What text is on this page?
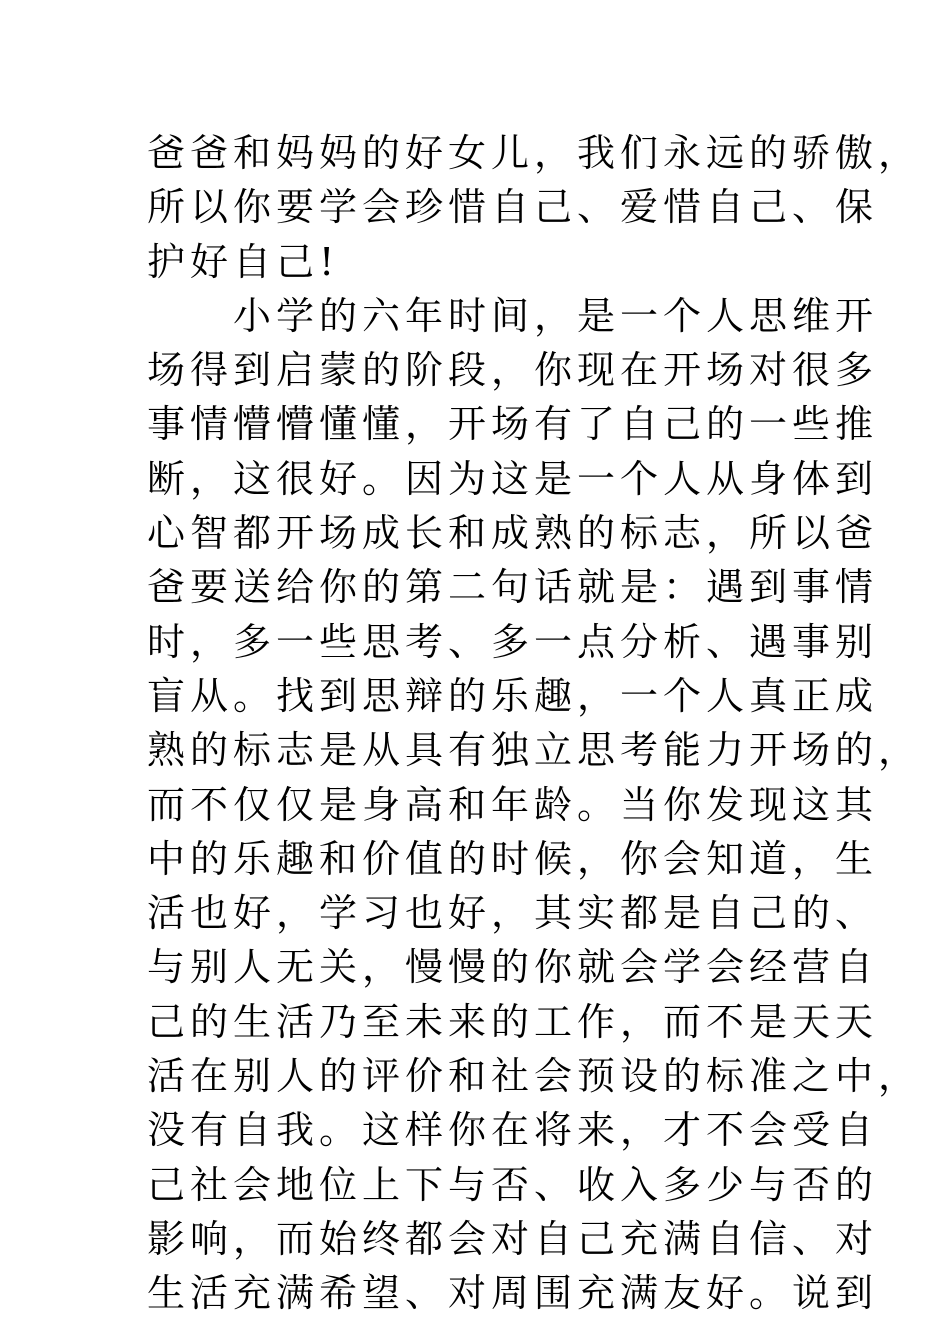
爸爸和妈妈的好女儿，我们永远的骄傲，
所以你要学会珍惜自己、爱惜自己、保
护好自己!
　　小学的六年时间，是一个人思维开
场得到启蒙的阶段，你现在开场对很多
事情懵懵懂懂，开场有了自己的一些推
断，这很好。因为这是一个人从身体到
心智都开场成长和成熟的标志，所以爸
爸要送给你的第二句话就是：遇到事情
时，多一些思考、多一点分析、遇事别
盲从。找到思辩的乐趣，一个人真正成
熟的标志是从具有独立思考能力开场的，
而不仅仅是身高和年龄。当你发现这其
中的乐趣和价值的时候，你会知道，生
活也好，学习也好，其实都是自己的、
与别人无关，慢慢的你就会学会经营自
己的生活乃至未来的工作，而不是天天
活在别人的评价和社会预设的标准之中，
没有自我。这样你在将来，才不会受自
己社会地位上下与否、收入多少与否的
影响，而始终都会对自己充满自信、对
生活充满希望、对周围充满友好。说到
